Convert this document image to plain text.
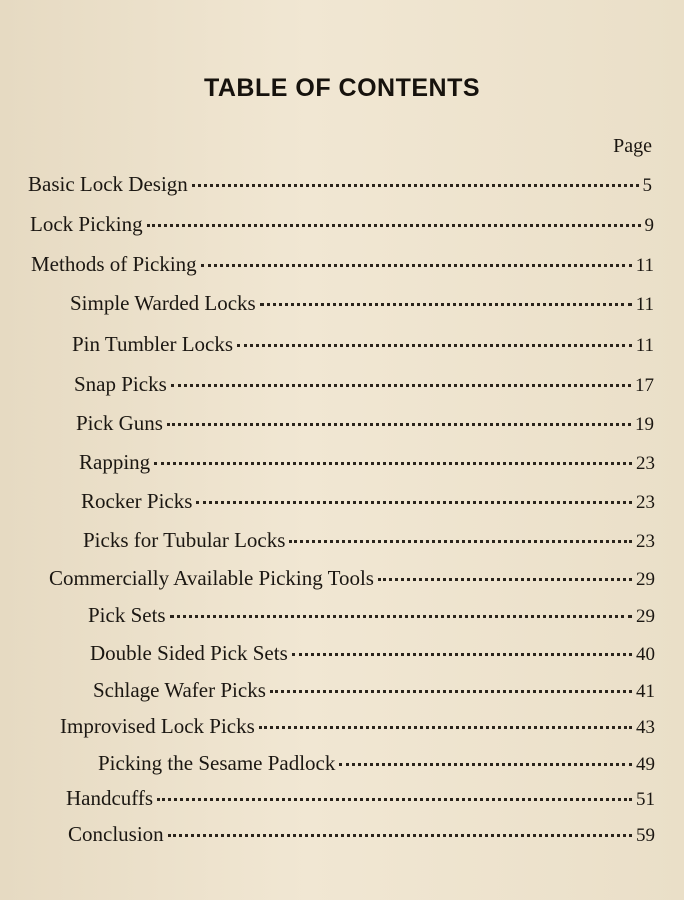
TABLE OF CONTENTS
Page
Basic Lock Design	5
Lock Picking	9
Methods of Picking	11
Simple Warded Locks	11
Pin Tumbler Locks	11
Snap Picks	17
Pick Guns	19
Rapping	23
Rocker Picks	23
Picks for Tubular Locks	23
Commercially Available Picking Tools	29
Pick Sets	29
Double Sided Pick Sets	40
Schlage Wafer Picks	41
Improvised Lock Picks	43
Picking the Sesame Padlock	49
Handcuffs	51
Conclusion	59
